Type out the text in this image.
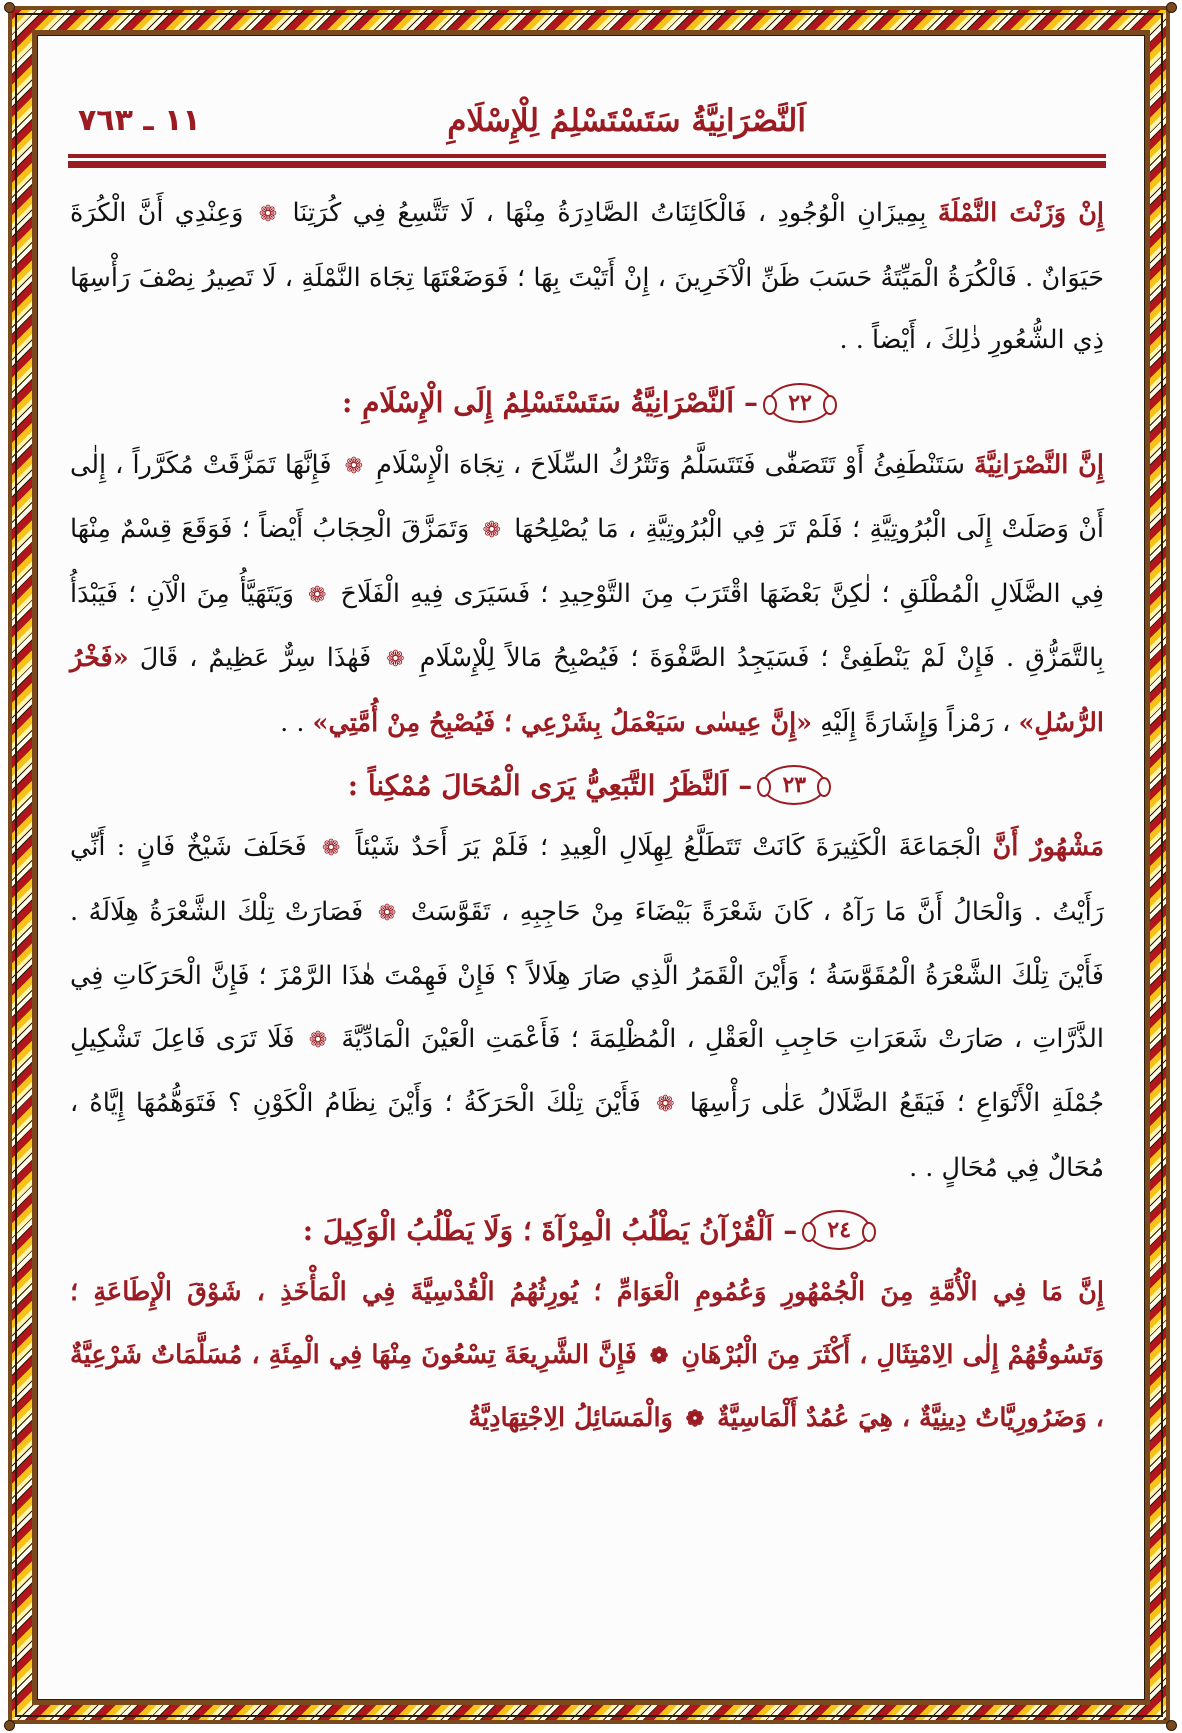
اَلنَّصْرَانِيَّةُ سَتَسْتَسْلِمُ لِلْإِسْلَامِ
١١ ـ ٧٦٣

إِنْ وَزَنْتَ النَّمْلَةَ بِمِيزَانِ الْوُجُودِ ، فَالْكَائِنَاتُ الصَّادِرَةُ مِنْهَا ، لَا تَتَّسِعُ فِي كُرَتِنَا ❁ وَعِنْدِي أَنَّ الْكُرَةَ حَيَوَانٌ . فَالْكُرَةُ الْمَيِّتَةُ حَسَبَ ظَنِّ الْآخَرِينَ ، إِنْ أَتَيْتَ بِهَا ؛ فَوَضَعْتَهَا تِجَاهَ النَّمْلَةِ ، لَا تَصِيرُ نِصْفَ رَأْسِهَا ذِي الشُّعُورِ ذٰلِكَ ، أَيْضاً . .

٢٢
–
اَلنَّصْرَانِيَّةُ سَتَسْتَسْلِمُ إِلَى الْإِسْلَامِ :

إِنَّ النَّصْرَانِيَّةَ سَتَنْطَفِئُ أَوْ تَتَصَفّٰى فَتَتَسَلَّمُ وَتَتْرُكُ السِّلَاحَ ، تِجَاهَ الْإِسْلَامِ ❁ فَإِنَّهَا تَمَزَّقَتْ مُكَرَّراً ، إِلٰى أَنْ وَصَلَتْ إِلَى الْبُرُوتِيَّةِ ؛ فَلَمْ تَرَ فِي الْبُرُوتِيَّةِ ، مَا يُصْلِحُهَا ❁ وَتَمَزَّقَ الْحِجَابُ أَيْضاً ؛ فَوَقَعَ قِسْمٌ مِنْهَا فِي الضَّلَالِ الْمُطْلَقِ ؛ لٰكِنَّ بَعْضَهَا اقْتَرَبَ مِنَ التَّوْحِيدِ ؛ فَسَيَرَى فِيهِ الْفَلَاحَ ❁ وَيَتَهَيَّأُ مِنَ الْآنِ ؛ فَيَبْدَأُ بِالتَّمَزُّقِ . فَإِنْ لَمْ يَنْطَفِئْ ؛ فَسَيَجِدُ الصَّفْوَةَ ؛ فَيُصْبِحُ مَالاً لِلْإِسْلَامِ ❁ فَهٰذَا سِرٌّ عَظِيمٌ ، قَالَ «فَخْرُ الرُّسُلِ» ، رَمْزاً وَإِشَارَةً إِلَيْهِ «إِنَّ عِيسٰى سَيَعْمَلُ بِشَرْعِي ؛ فَيُصْبِحُ مِنْ أُمَّتِي» . .

٢٣
–
اَلنَّظَرُ التَّبَعِيُّ يَرَى الْمُحَالَ مُمْكِناً :

مَشْهُورٌ أَنَّ الْجَمَاعَةَ الْكَثِيرَةَ كَانَتْ تَتَطَلَّعُ لِهِلَالِ الْعِيدِ ؛ فَلَمْ يَرَ أَحَدٌ شَيْئاً ❁ فَحَلَفَ شَيْخٌ فَانٍ : أَنِّي رَأَيْتُ . وَالْحَالُ أَنَّ مَا رَآهُ ، كَانَ شَعْرَةً بَيْضَاءَ مِنْ حَاجِبِهِ ، تَقَوَّسَتْ ❁ فَصَارَتْ تِلْكَ الشَّعْرَةُ هِلَالَهُ . فَأَيْنَ تِلْكَ الشَّعْرَةُ الْمُقَوَّسَةُ ؛ وَأَيْنَ الْقَمَرُ الَّذِي صَارَ هِلَالاً ؟ فَإِنْ فَهِمْتَ هٰذَا الرَّمْزَ ؛ فَإِنَّ الْحَرَكَاتِ فِي الذَّرَّاتِ ، صَارَتْ شَعَرَاتِ حَاجِبِ الْعَقْلِ ، الْمُظْلِمَةَ ؛ فَأَعْمَتِ الْعَيْنَ الْمَادِّيَّةَ ❁ فَلَا تَرَى فَاعِلَ تَشْكِيلِ جُمْلَةِ الْأَنْوَاعِ ؛ فَيَقَعُ الضَّلَالُ عَلٰى رَأْسِهَا ❁ فَأَيْنَ تِلْكَ الْحَرَكَةُ ؛ وَأَيْنَ نِظَامُ الْكَوْنِ ؟ فَتَوَهُّمُهَا إِيَّاهُ ، مُحَالٌ فِي مُحَالٍ . .

٢٤
–
اَلْقُرْآنُ يَطْلُبُ الْمِرْآةَ ؛ وَلَا يَطْلُبُ الْوَكِيلَ :

إِنَّ مَا فِي الْأُمَّةِ مِنَ الْجُمْهُورِ وَعُمُومِ الْعَوَامِّ ؛ يُورِثُهُمُ الْقُدْسِيَّةَ فِي الْمَأْخَذِ ، شَوْقَ الْإِطَاعَةِ ؛ وَتَسُوقُهُمْ إِلٰى الِامْتِثَالِ ، أَكْثَرَ مِنَ الْبُرْهَانِ ❁ فَإِنَّ الشَّرِيعَةَ تِسْعُونَ مِنْهَا فِي الْمِئَةِ ، مُسَلَّمَاتٌ شَرْعِيَّةٌ ، وَضَرُورِيَّاتٌ دِينِيَّةٌ ، هِيَ عُمُدٌ أَلْمَاسِيَّةٌ ❁ وَالْمَسَائِلُ الِاجْتِهَادِيَّةُ
